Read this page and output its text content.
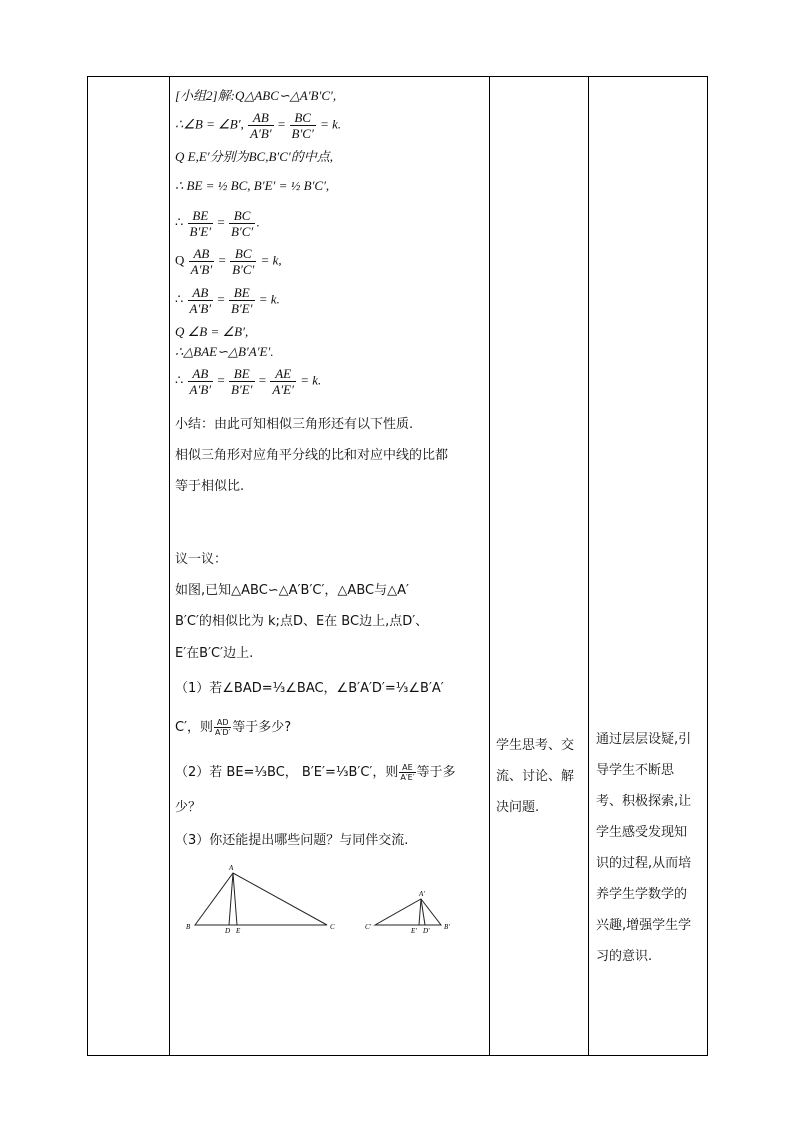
[小组2]解:Q△ABC∽△A′B′C′,
∴∠B = ∠B′, $\frac{AB}{A'B'} = \frac{BC}{B'C'} = k$.
Q E,E′分别为BC,B′C′的中点,
∴ BE = ½ BC, B′E′ = ½ B′C′,
∴ $\frac{BE}{B'E'} = \frac{BC}{B'C'}$ .
Q $\frac{AB}{A'B'} = \frac{BC}{B'C'} = k$,
∴ $\frac{AB}{A'B'} = \frac{BE}{B'E'} = k$.
Q ∠B = ∠B′,
∴△BAE∽△B′A′E′.
∴ $\frac{AB}{A'B'} = \frac{BE}{B'E'} = \frac{AE}{A'E'} = k$.
小结：由此可知相似三角形还有以下性质.
相似三角形对应角平分线的比和对应中线的比都
等于相似比.
议一议：
如图,已知△ABC∽△A′B′C′，△ABC与△A′
B′C′的相似比为 k;点D、E在 BC边上,点D′、
E′在B′C′边上.
（1）若∠BAD=⅓∠BAC，∠B′A′D′=⅓∠B′A′
C′，则 $\frac{AD}{A'D'}$ 等于多少?
（2）若 BE=⅓BC， B′E′=⅓B′C′，则 $\frac{AE}{A'E'}$ 等于多
少？
（3）你还能提出哪些问题？与同伴交流.
A
B	C
D E
A′
C′	B′
E′ D′
学生思考、交
流、讨论、解
决问题.
通过层层设疑,引
导学生不断思
考、积极探索,让
学生感受发现知
识的过程,从而培
养学生学数学的
兴趣,增强学生学
习的意识.
